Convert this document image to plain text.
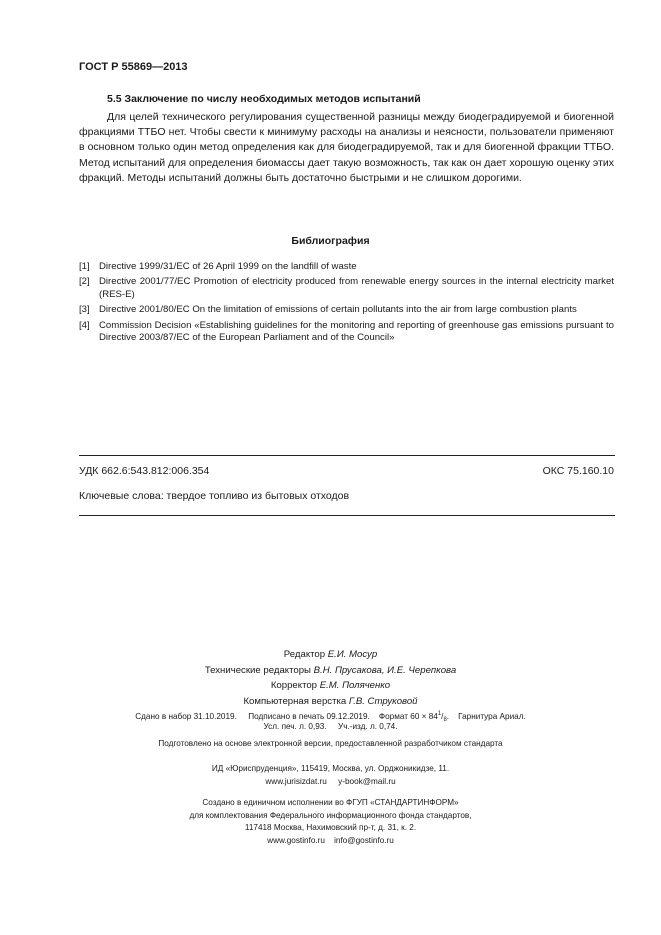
ГОСТ Р 55869—2013
5.5 Заключение по числу необходимых методов испытаний

Для целей технического регулирования существенной разницы между биодеградируемой и биогенной фракциями ТТБО нет. Чтобы свести к минимуму расходы на анализы и неясности, пользователи применяют в основном только один метод определения как для биодеградируемой, так и для биогенной фракции ТТБО. Метод испытаний для определения биомассы дает такую возможность, так как он дает хорошую оценку этих фракций. Методы испытаний должны быть достаточно быстрыми и не слишком дорогими.

Библиография
[1] Directive 1999/31/EC of 26 April 1999 on the landfill of waste
[2] Directive 2001/77/EC Promotion of electricity produced from renewable energy sources in the internal electricity market (RES-E)
[3] Directive 2001/80/EC On the limitation of emissions of certain pollutants into the air from large combustion plants
[4] Commission Decision «Establishing guidelines for the monitoring and reporting of greenhouse gas emissions pursuant to Directive 2003/87/EC of the European Parliament and of the Council»
УДК 662.6:543.812:006.354	ОКС 75.160.10
Ключевые слова: твердое топливо из бытовых отходов
Редактор Е.И. Мосур
Технические редакторы В.Н. Прусакова, И.Е. Черепкова
Корректор Е.М. Поляченко
Компьютерная верстка Г.В. Струковой
Сдано в набор 31.10.2019. Подписано в печать 09.12.2019. Формат $60 \times 84^1/_8$.    Гарнитура Ариал.
Усл. печ. л. 0,93. Уч.-изд. л. 0,74.
Подготовлено на основе электронной версии, предоставленной разработчиком стандарта
ИД «Юриспруденция», 115419, Москва, ул. Орджоникидзе, 11.
www.jurisizdat.ru y-book@mail.ru
Создано в единичном исполнении во ФГУП «СТАНДАРТИНФОРМ»
для комплектования Федерального информационного фонда стандартов,
117418 Москва, Нахимовский пр-т, д. 31, к. 2.
www.gostinfo.ru info@gostinfo.ru
